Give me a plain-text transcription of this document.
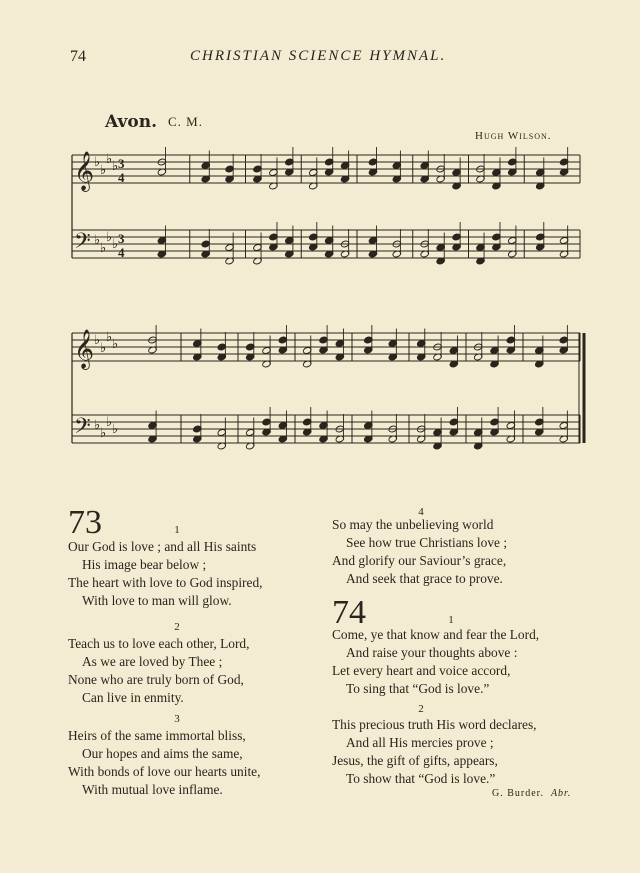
74	CHRISTIAN SCIENCE HYMNAL.
Avon. C. M.
Hugh Wilson.
𝄞
𝄢
♭
♭
♭
♭
♭
♭
♭
♭
3
4
3
4
𝄞
𝄢
♭
♭
♭
♭
♭
♭
♭
♭
73	1
Our God is love ; and all His saints
His image bear below ;
The heart with love to God inspired,
With love to man will glow.
2
Teach us to love each other, Lord,
As we are loved by Thee ;
None who are truly born of God,
Can live in enmity.
3
Heirs of the same immortal bliss,
Our hopes and aims the same,
With bonds of love our hearts unite,
With mutual love inflame.
4
So may the unbelieving world
See how true Christians love ;
And glorify our Saviour’s grace,
And seek that grace to prove.
74	1
Come, ye that know and fear the Lord,
And raise your thoughts above :
Let every heart and voice accord,
To sing that “God is love.”
2
This precious truth His word declares,
And all His mercies prove ;
Jesus, the gift of gifts, appears,
To show that “God is love.”
G. Burder. Abr.
